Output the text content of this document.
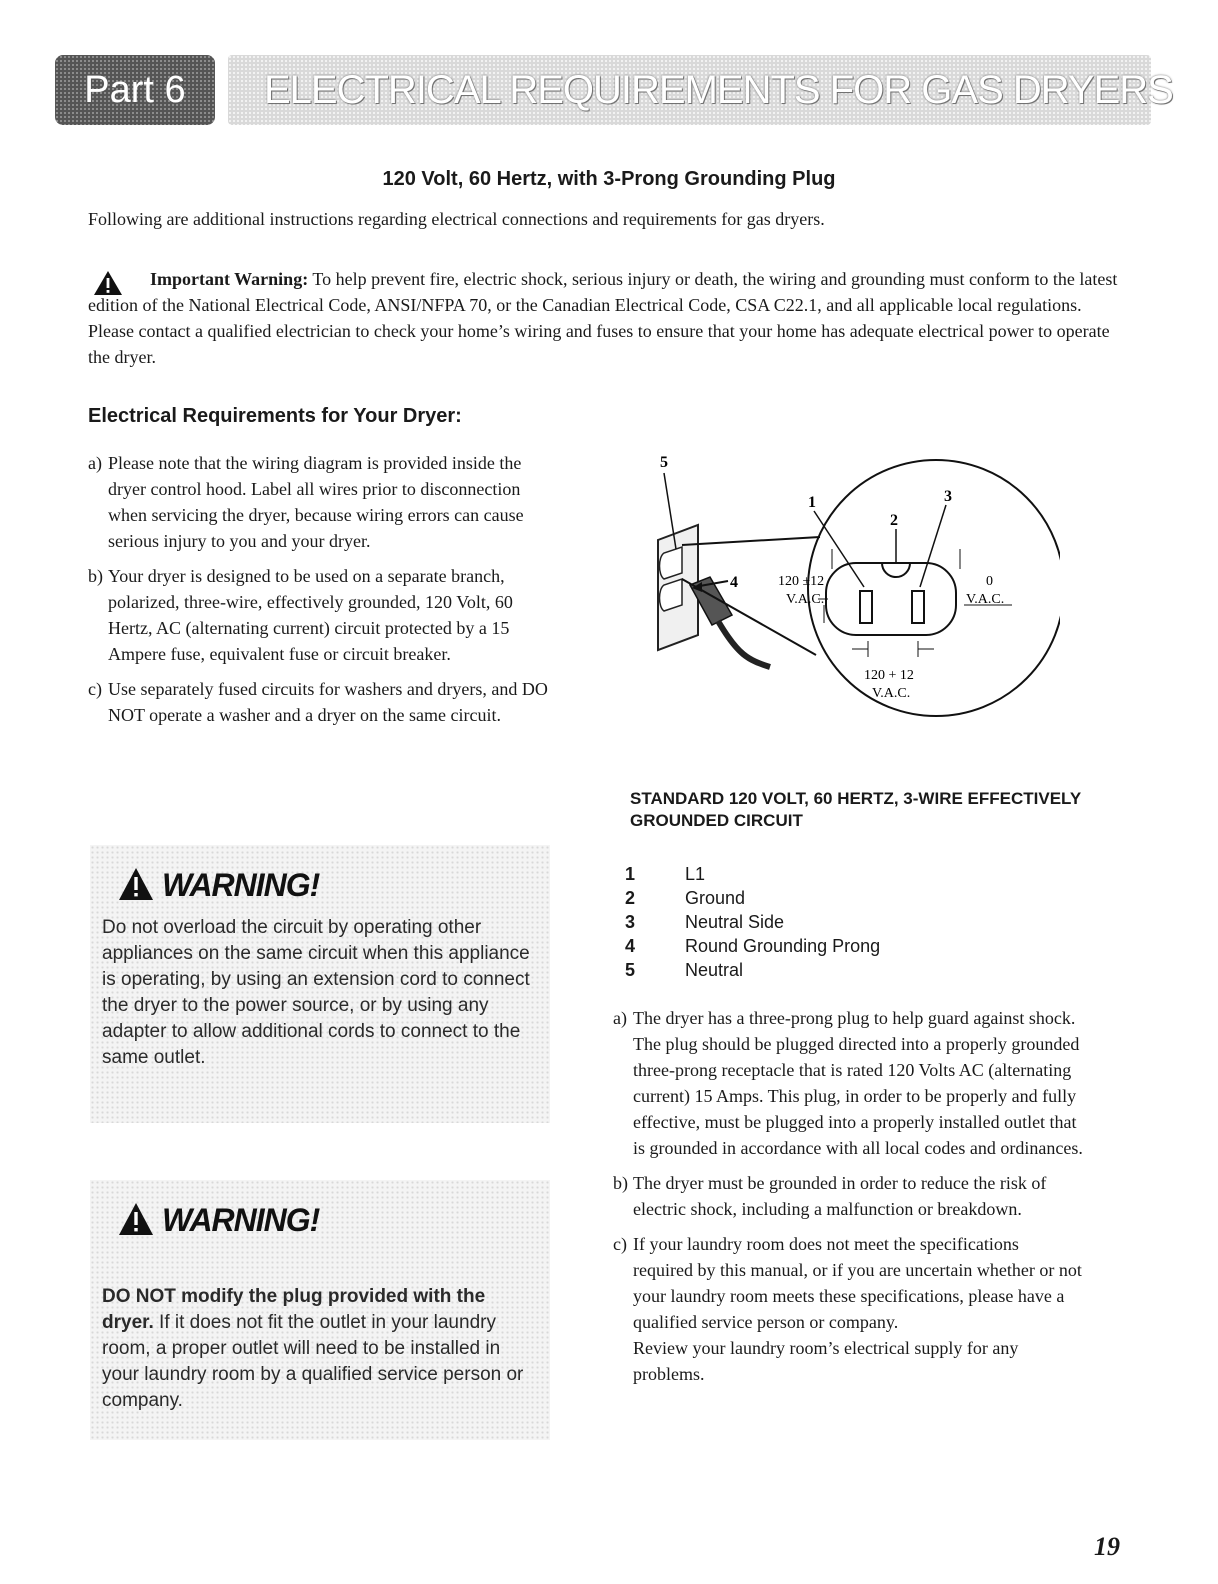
Part 6	ELECTRICAL REQUIREMENTS FOR GAS DRYERS
120 Volt, 60 Hertz, with 3-Prong Grounding Plug
Following are additional instructions regarding electrical connections and requirements for gas dryers.
Important Warning: To help prevent fire, electric shock, serious injury or death, the wiring and grounding must conform to the latest edition of the National Electrical Code, ANSI/NFPA 70, or the Canadian Electrical Code, CSA C22.1, and all applicable local regulations. Please contact a qualified electrician to check your home’s wiring and fuses to ensure that your home has adequate electrical power to operate the dryer.
Electrical Requirements for Your Dryer:
a) Please note that the wiring diagram is provided inside the dryer control hood. Label all wires prior to disconnection when servicing the dryer, because wiring errors can cause serious injury to you and your dryer.
b) Your dryer is designed to be used on a separate branch, polarized, three-wire, effectively grounded, 120 Volt, 60 Hertz, AC (alternating current) circuit protected by a 15 Ampere fuse, equivalent fuse or circuit breaker.
c) Use separately fused circuits for washers and dryers, and DO NOT operate a washer and a dryer on the same circuit.
WARNING!
Do not overload the circuit by operating other appliances on the same circuit when this appliance is operating, by using an extension cord to connect the dryer to the power source, or by using any adapter to allow additional cords to connect to the same outlet.
WARNING!
DO NOT modify the plug provided with the dryer. If it does not fit the outlet in your laundry room, a proper outlet will need to be installed in your laundry room by a qualified service person or company.
5
4
1
2
3
120 ±12
V.A.C.
0
V.A.C.
120 + 12
V.A.C.
STANDARD 120 VOLT, 60 HERTZ, 3-WIRE EFFECTIVELY GROUNDED CIRCUIT
1	L1
2	Ground
3	Neutral Side
4	Round Grounding Prong
5	Neutral
a) The dryer has a three-prong plug to help guard against shock. The plug should be plugged directed into a properly grounded three-prong receptacle that is rated 120 Volts AC (alternating current) 15 Amps. This plug, in order to be properly and fully effective, must be plugged into a properly installed outlet that is grounded in accordance with all local codes and ordinances.
b) The dryer must be grounded in order to reduce the risk of electric shock, including a malfunction or breakdown.
c) If your laundry room does not meet the specifications required by this manual, or if you are uncertain whether or not your laundry room meets these specifications, please have a qualified service person or company.
Review your laundry room’s electrical supply for any problems.
19
